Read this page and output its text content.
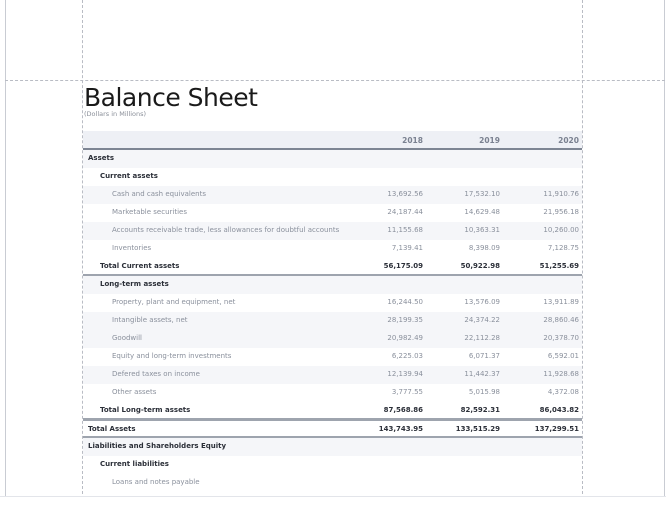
Balance Sheet
(Dollars in Millions)
2018	2019	2020
Assets
Current assets
Cash and cash equivalents	13,692.56	17,532.10	11,910.76
Marketable securities	24,187.44	14,629.48	21,956.18
Accounts receivable trade, less allowances for doubtful accounts	11,155.68	10,363.31	10,260.00
Inventories	7,139.41	8,398.09	7,128.75
Total Current assets	56,175.09	50,922.98	51,255.69
Long-term assets
Property, plant and equipment, net	16,244.50	13,576.09	13,911.89
Intangible assets, net	28,199.35	24,374.22	28,860.46
Goodwill	20,982.49	22,112.28	20,378.70
Equity and long-term investments	6,225.03	6,071.37	6,592.01
Defered taxes on income	12,139.94	11,442.37	11,928.68
Other assets	3,777.55	5,015.98	4,372.08
Total Long-term assets	87,568.86	82,592.31	86,043.82
Total Assets	143,743.95	133,515.29	137,299.51
Liabilities and Shareholders Equity
Current liabilities
Loans and notes payable
